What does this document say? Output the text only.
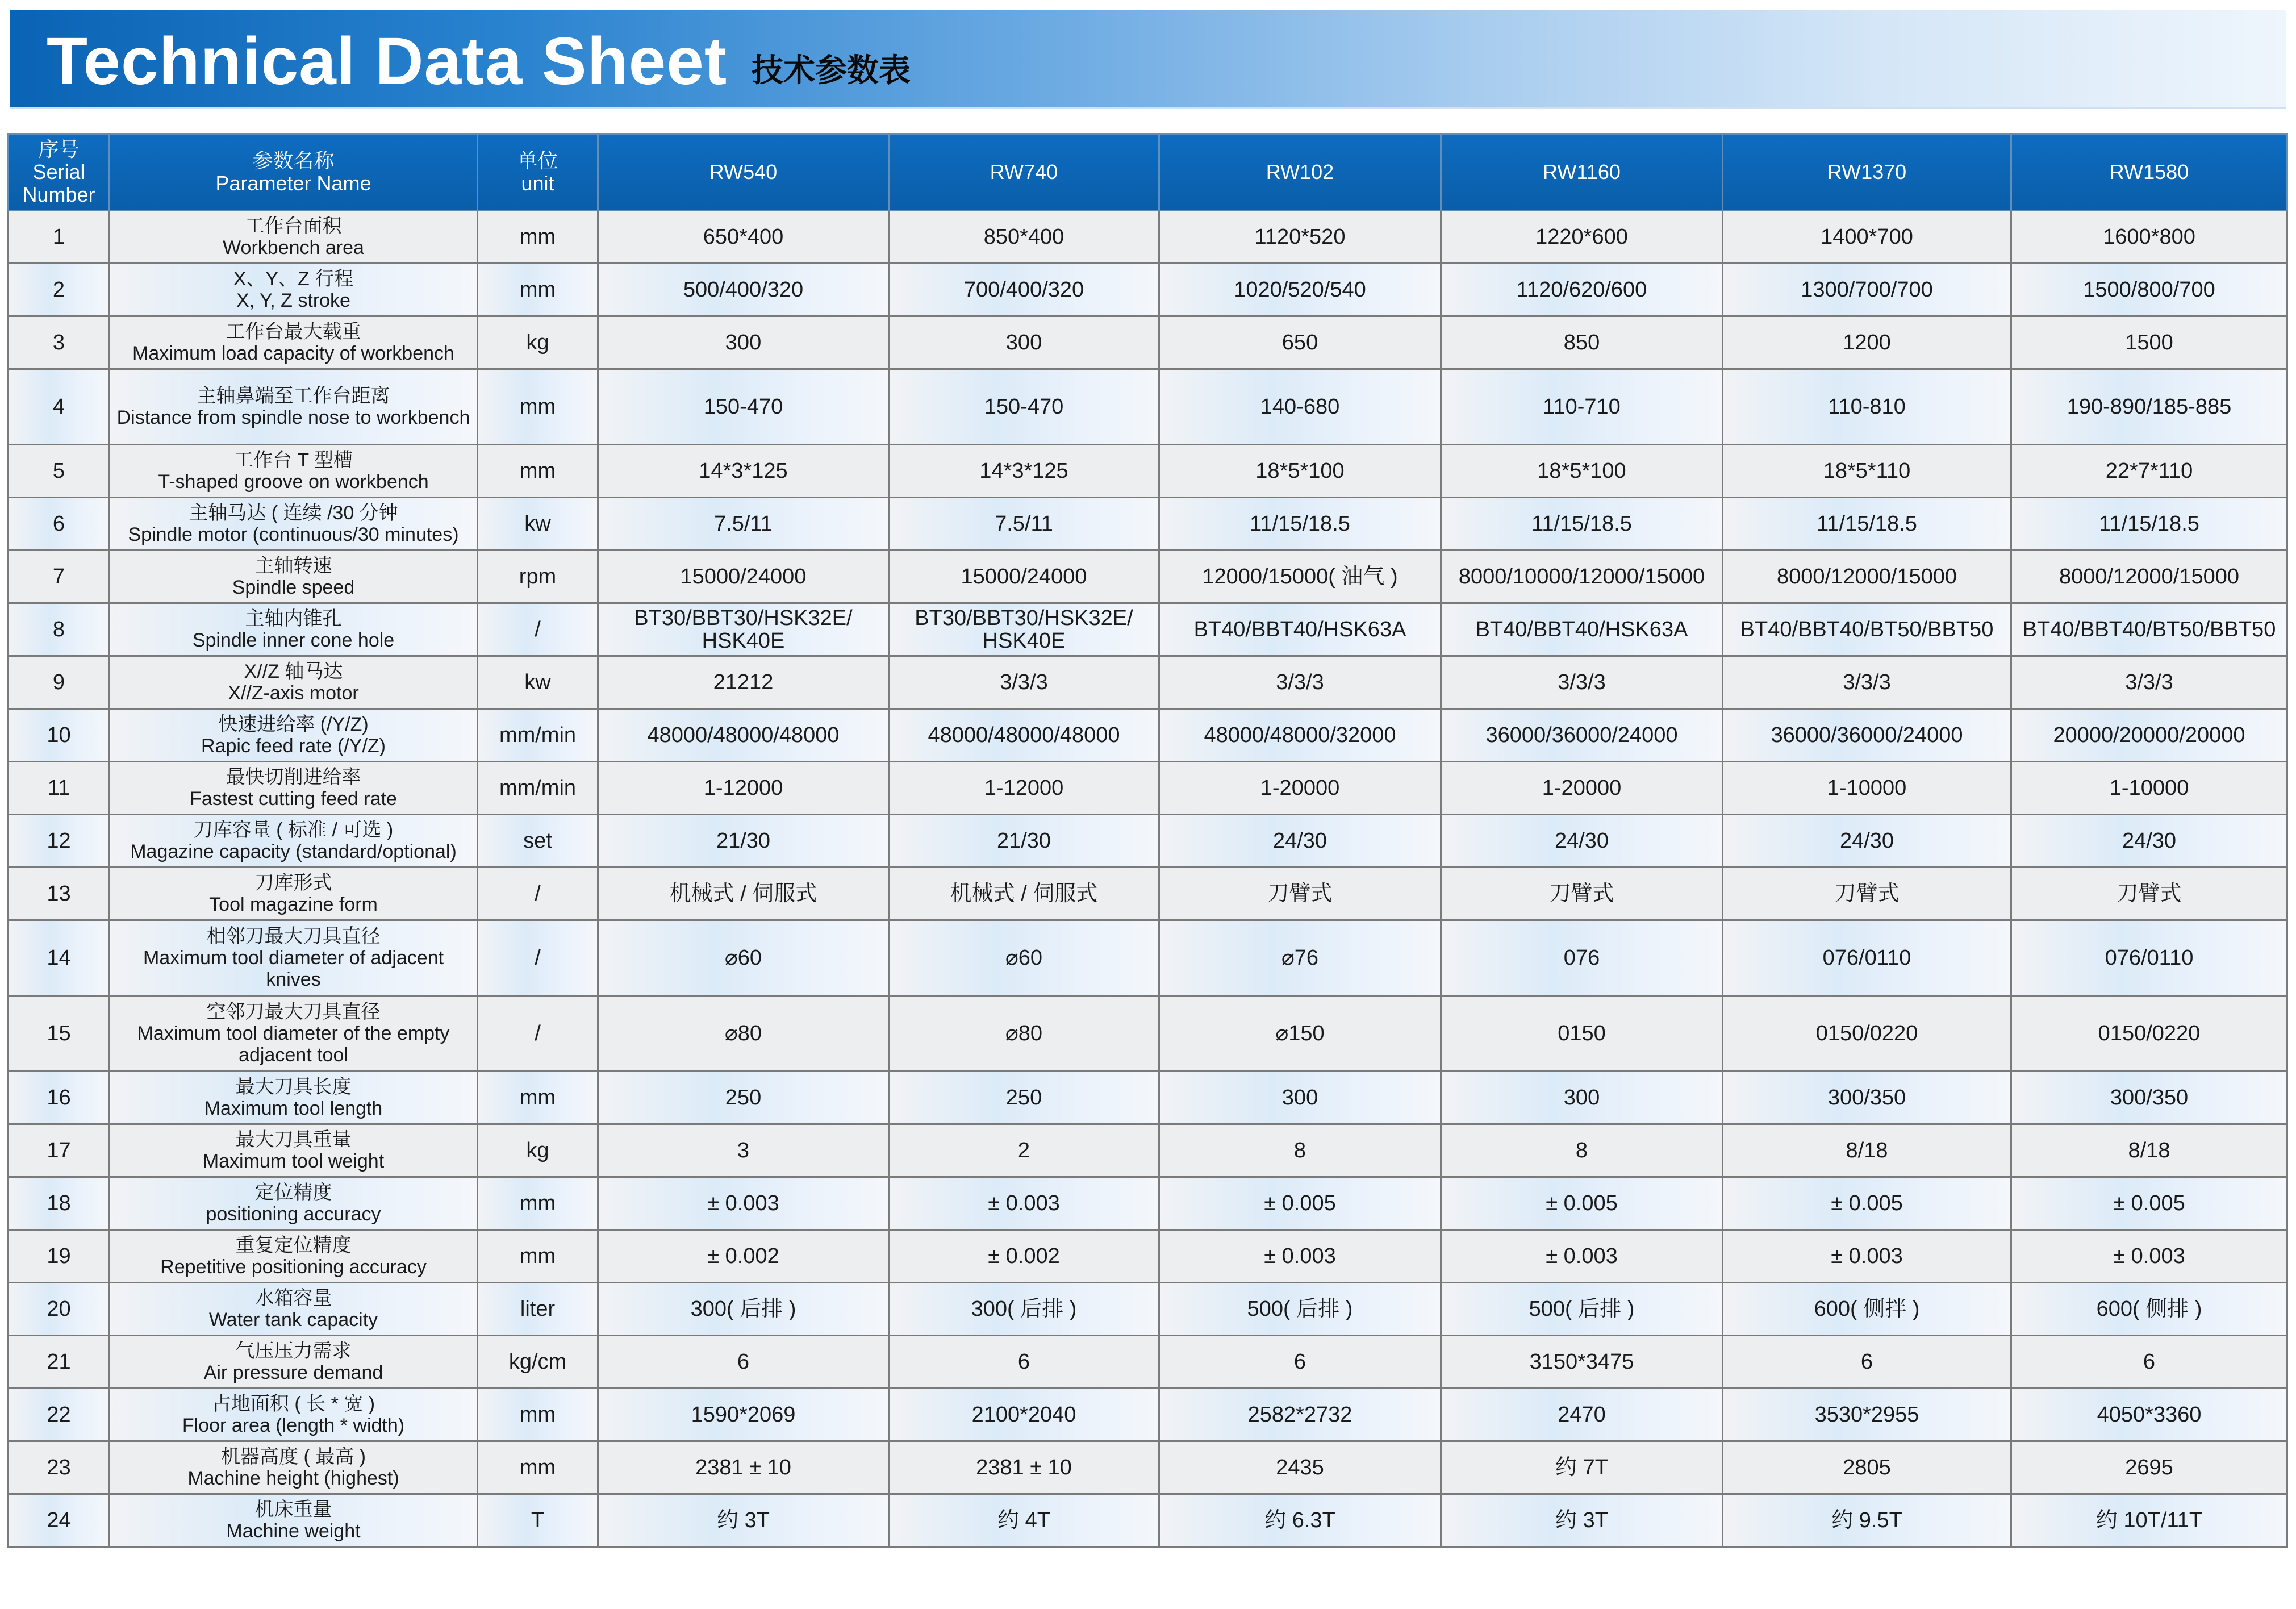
Technical Data Sheet 技术参数表
序号
Serial
Number	参数名称
Parameter Name	单位
unit	RW540	RW740	RW102	RW1160	RW1370	RW1580
1	工作台面积
Workbench area	mm	650*400	850*400	1120*520	1220*600	1400*700	1600*800
2	X、Y、Z 行程
X, Y, Z stroke	mm	500/400/320	700/400/320	1020/520/540	1120/620/600	1300/700/700	1500/800/700
3	工作台最大载重
Maximum load capacity of workbench	kg	300	300	650	850	1200	1500
4	主轴鼻端至工作台距离
Distance from spindle nose to workbench	mm	150-470	150-470	140-680	110-710	110-810	190-890/185-885
5	工作台 T 型槽
T-shaped groove on workbench	mm	14*3*125	14*3*125	18*5*100	18*5*100	18*5*110	22*7*110
6	主轴马达 ( 连续 /30 分钟
Spindle motor (continuous/30 minutes)	kw	7.5/11	7.5/11	11/15/18.5	11/15/18.5	11/15/18.5	11/15/18.5
7	主轴转速
Spindle speed	rpm	15000/24000	15000/24000	12000/15000( 油气 )	8000/10000/12000/15000	8000/12000/15000	8000/12000/15000
8	主轴内锥孔
Spindle inner cone hole	/	BT30/BBT30/HSK32E/ HSK40E	BT30/BBT30/HSK32E/ HSK40E	BT40/BBT40/HSK63A	BT40/BBT40/HSK63A	BT40/BBT40/BT50/BBT50	BT40/BBT40/BT50/BBT50
9	X//Z 轴马达
X//Z-axis motor	kw	21212	3/3/3	3/3/3	3/3/3	3/3/3	3/3/3
10	快速进给率 (/Y/Z)
Rapic feed rate (/Y/Z)	mm/min	48000/48000/48000	48000/48000/48000	48000/48000/32000	36000/36000/24000	36000/36000/24000	20000/20000/20000
11	最快切削进给率
Fastest cutting feed rate	mm/min	1-12000	1-12000	1-20000	1-20000	1-10000	1-10000
12	刀库容量 ( 标准 / 可选 )
Magazine capacity (standard/optional)	set	21/30	21/30	24/30	24/30	24/30	24/30
13	刀库形式
Tool magazine form	/	机械式 / 伺服式	机械式 / 伺服式	刀臂式	刀臂式	刀臂式	刀臂式
14	相邻刀最大刀具直径
Maximum tool diameter of adjacent knives	/	⌀60	⌀60	⌀76	076	076/0110	076/0110
15	空邻刀最大刀具直径
Maximum tool diameter of the empty adjacent tool	/	⌀80	⌀80	⌀150	0150	0150/0220	0150/0220
16	最大刀具长度
Maximum tool length	mm	250	250	300	300	300/350	300/350
17	最大刀具重量
Maximum tool weight	kg	3	2	8	8	8/18	8/18
18	定位精度
positioning accuracy	mm	± 0.003	± 0.003	± 0.005	± 0.005	± 0.005	± 0.005
19	重复定位精度
Repetitive positioning accuracy	mm	± 0.002	± 0.002	± 0.003	± 0.003	± 0.003	± 0.003
20	水箱容量
Water tank capacity	liter	300( 后排 )	300( 后排 )	500( 后排 )	500( 后排 )	600( 侧拌 )	600( 侧排 )
21	气压压力需求
Air pressure demand	kg/cm	6	6	6	3150*3475	6	6
22	占地面积 ( 长 * 宽 )
Floor area (length * width)	mm	1590*2069	2100*2040	2582*2732	2470	3530*2955	4050*3360
23	机器高度 ( 最高 )
Machine height (highest)	mm	2381 ± 10	2381 ± 10	2435	约 7T	2805	2695
24	机床重量
Machine weight	T	约 3T	约 4T	约 6.3T	约 3T	约 9.5T	约 10T/11T
